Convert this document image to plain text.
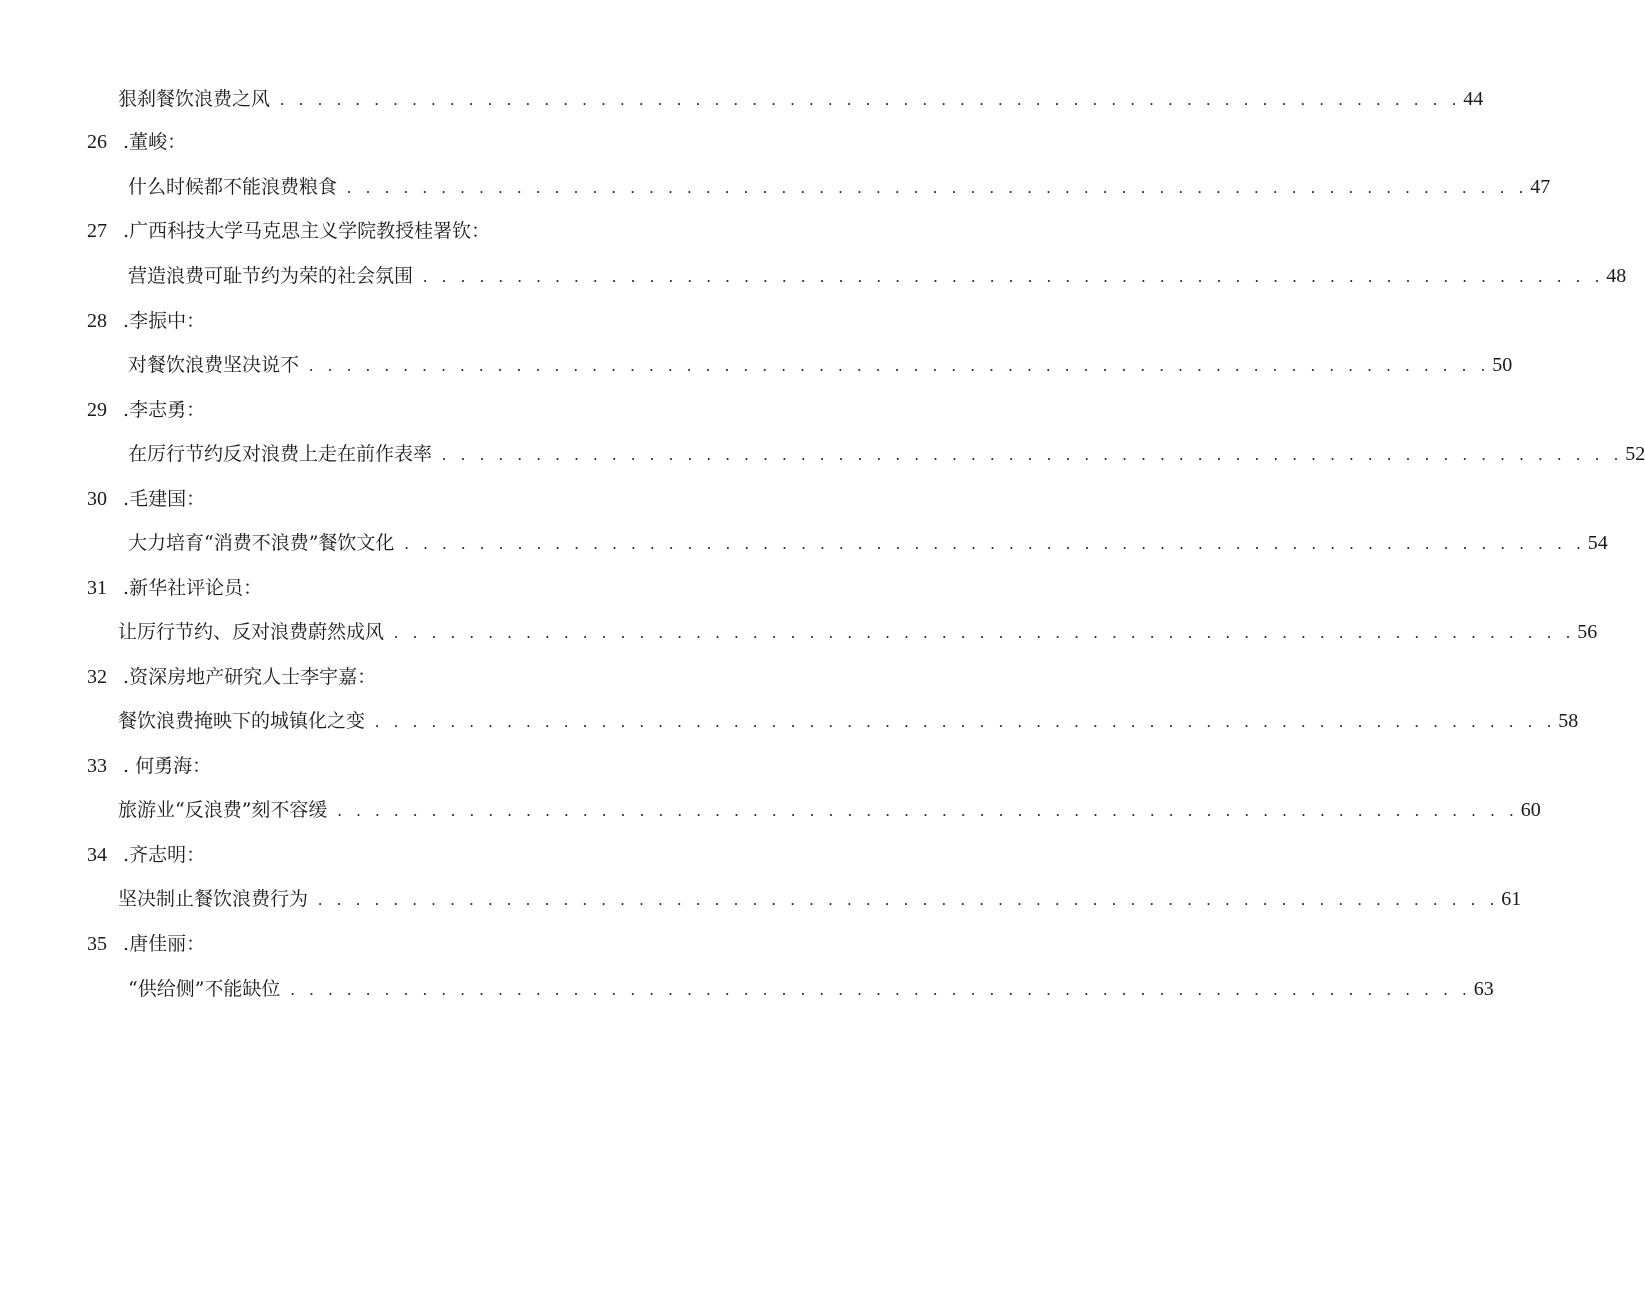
狠刹餐饮浪费之风 . . . . . . . . . . . . . . . . . . . . . . . . . . . . . . . . . . . . . . . . . . . . . . . . . . . . . . . . . . . . . . . 44
26 .董峻：
什么时候都不能浪费粮食 . . . . . . . . . . . . . . . . . . . . . . . . . . . . . . . . . . . . . . . . . . . . . . . . . . . . . . . . . . . . . . . 47
27 .广西科技大学马克思主义学院教授桂署钦：
营造浪费可耻节约为荣的社会氛围 . . . . . . . . . . . . . . . . . . . . . . . . . . . . . . . . . . . . . . . . . . . . . . . . . . . . . . . . . . . . . . . 48
28 .李振中：
对餐饮浪费坚决说不 . . . . . . . . . . . . . . . . . . . . . . . . . . . . . . . . . . . . . . . . . . . . . . . . . . . . . . . . . . . . . . . 50
29 .李志勇：
在厉行节约反对浪费上走在前作表率 . . . . . . . . . . . . . . . . . . . . . . . . . . . . . . . . . . . . . . . . . . . . . . . . . . . . . . . . . . . . . . . 52
30 .毛建国：
大力培育“消费不浪费”餐饮文化 . . . . . . . . . . . . . . . . . . . . . . . . . . . . . . . . . . . . . . . . . . . . . . . . . . . . . . . . . . . . . . . 54
31 .新华社评论员：
让厉行节约、反对浪费蔚然成风 . . . . . . . . . . . . . . . . . . . . . . . . . . . . . . . . . . . . . . . . . . . . . . . . . . . . . . . . . . . . . . . 56
32 .资深房地产研究人士李宇嘉：
餐饮浪费掩映下的城镇化之变 . . . . . . . . . . . . . . . . . . . . . . . . . . . . . . . . . . . . . . . . . . . . . . . . . . . . . . . . . . . . . . . 58
33 . 何勇海：
旅游业“反浪费”刻不容缓 . . . . . . . . . . . . . . . . . . . . . . . . . . . . . . . . . . . . . . . . . . . . . . . . . . . . . . . . . . . . . . . 60
34 .齐志明：
坚决制止餐饮浪费行为 . . . . . . . . . . . . . . . . . . . . . . . . . . . . . . . . . . . . . . . . . . . . . . . . . . . . . . . . . . . . . . . 61
35 .唐佳丽：
“供给侧”不能缺位 . . . . . . . . . . . . . . . . . . . . . . . . . . . . . . . . . . . . . . . . . . . . . . . . . . . . . . . . . . . . . . . 63
